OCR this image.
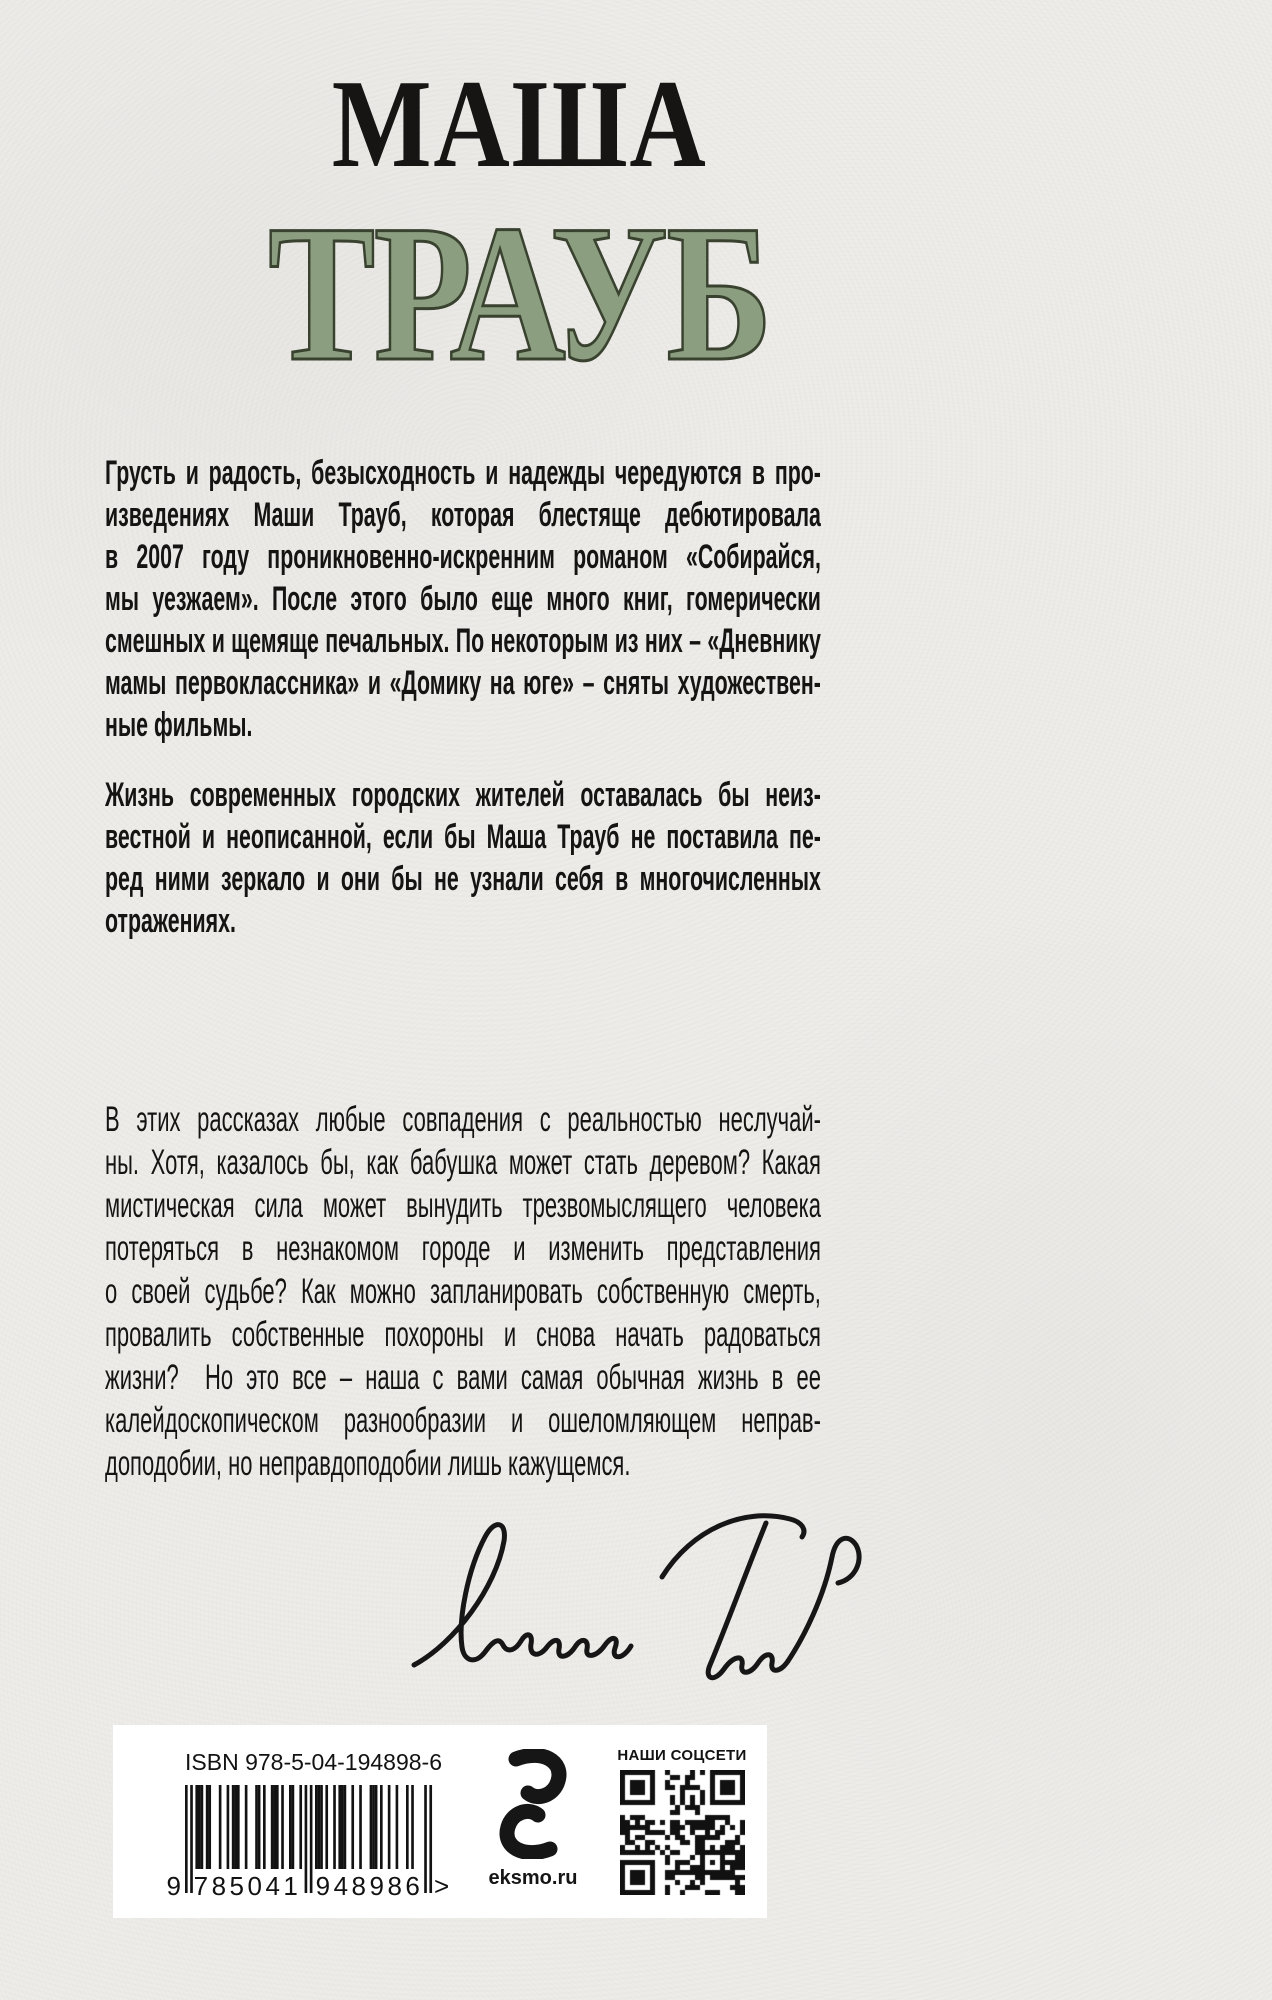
МАША
ТРАУБ
Грусть и радость, безысходность и надежды чередуются в про-
изведениях Маши Трауб, которая блестяще дебютировала
в 2007 году проникновенно-искренним романом «Собирайся,
мы уезжаем». После этого было еще много книг, гомерически
смешных и щемяще печальных. По некоторым из них – «Дневнику
мамы первоклассника» и «Домику на юге» – сняты художествен-
ные фильмы.
Жизнь современных городских жителей оставалась бы неиз-
вестной и неописанной, если бы Маша Трауб не поставила пе-
ред ними зеркало и они бы не узнали себя в многочисленных
отражениях.
В этих рассказах любые совпадения с реальностью неслучай-
ны. Хотя, казалось бы, как бабушка может стать деревом? Какая
мистическая сила может вынудить трезвомыслящего человека
потеряться в незнакомом городе и изменить представления
о своей судьбе? Как можно запланировать собственную смерть,
провалить собственные похороны и снова начать радоваться
жизни?  Но это все – наша с вами самая обычная жизнь в ее
калейдоскопическом разнообразии и ошеломляющем неправ-
доподобии, но неправдоподобии лишь кажущемся.
ISBN 978-5-04-194898-6
9 785041 948986 >	eksmo.ru
НАШИ СОЦСЕТИ
